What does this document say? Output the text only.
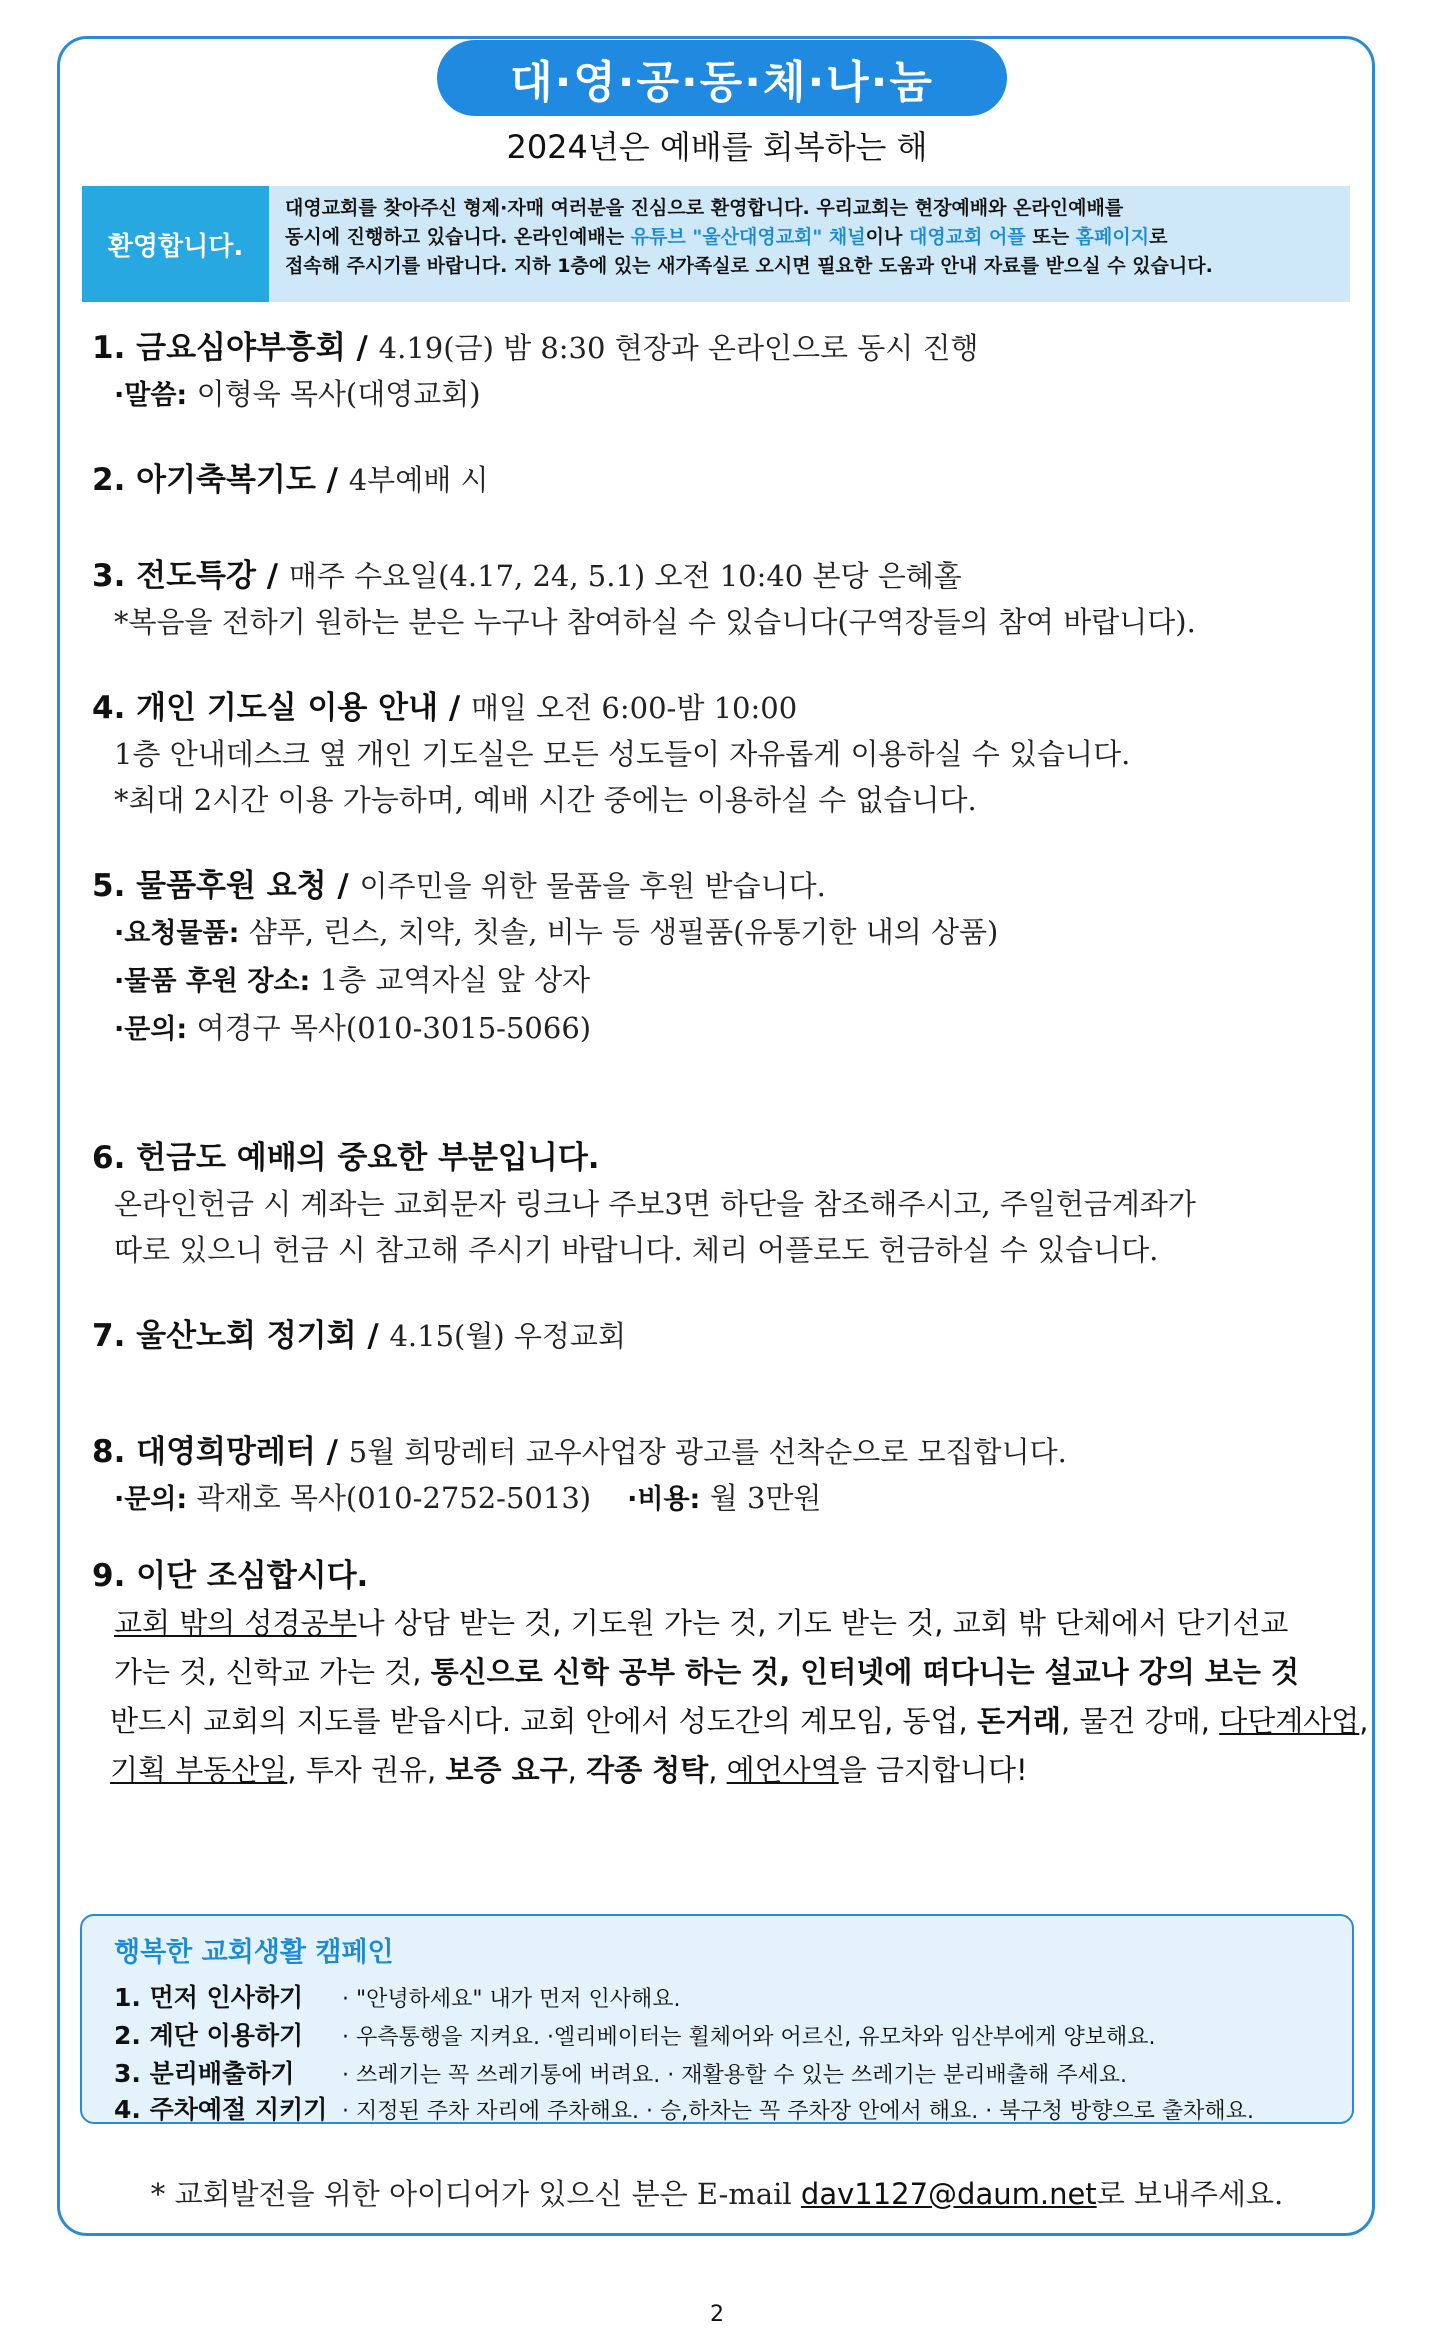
대·영·공·동·체·나·눔
2024년은 예배를 회복하는 해
환영합니다.
대영교회를 찾아주신 형제·자매 여러분을 진심으로 환영합니다. 우리교회는 현장예배와 온라인예배를
동시에 진행하고 있습니다. 온라인예배는 유튜브 "울산대영교회" 채널이나 대영교회 어플 또는 홈페이지로
접속해 주시기를 바랍니다. 지하 1층에 있는 새가족실로 오시면 필요한 도움과 안내 자료를 받으실 수 있습니다.
1. 금요심야부흥회 / 4.19(금) 밤 8:30 현장과 온라인으로 동시 진행
·말씀: 이형욱 목사(대영교회)
2. 아기축복기도 / 4부예배 시
3. 전도특강 / 매주 수요일(4.17, 24, 5.1) 오전 10:40 본당 은혜홀
*복음을 전하기 원하는 분은 누구나 참여하실 수 있습니다(구역장들의 참여 바랍니다).
4. 개인 기도실 이용 안내 / 매일 오전 6:00-밤 10:00
1층 안내데스크 옆 개인 기도실은 모든 성도들이 자유롭게 이용하실 수 있습니다.
*최대 2시간 이용 가능하며, 예배 시간 중에는 이용하실 수 없습니다.
5. 물품후원 요청 / 이주민을 위한 물품을 후원 받습니다.
·요청물품: 샴푸, 린스, 치약, 칫솔, 비누 등 생필품(유통기한 내의 상품)
·물품 후원 장소: 1층 교역자실 앞 상자
·문의: 여경구 목사(010-3015-5066)
6. 헌금도 예배의 중요한 부분입니다.
온라인헌금 시 계좌는 교회문자 링크나 주보3면 하단을 참조해주시고, 주일헌금계좌가
따로 있으니 헌금 시 참고해 주시기 바랍니다. 체리 어플로도 헌금하실 수 있습니다.
7. 울산노회 정기회 / 4.15(월) 우정교회
8. 대영희망레터 / 5월 희망레터 교우사업장 광고를 선착순으로 모집합니다.
·문의: 곽재호 목사(010-2752-5013) ·비용: 월 3만원
9. 이단 조심합시다.
교회 밖의 성경공부나 상담 받는 것, 기도원 가는 것, 기도 받는 것, 교회 밖 단체에서 단기선교
가는 것, 신학교 가는 것, 통신으로 신학 공부 하는 것, 인터넷에 떠다니는 설교나 강의 보는 것
반드시 교회의 지도를 받읍시다. 교회 안에서 성도간의 계모임, 동업, 돈거래, 물건 강매, 다단계사업,
기획 부동산일, 투자 권유, 보증 요구, 각종 청탁, 예언사역을 금지합니다!
행복한 교회생활 캠페인
1. 먼저 인사하기 · "안녕하세요" 내가 먼저 인사해요.
2. 계단 이용하기 · 우측통행을 지켜요. ·엘리베이터는 휠체어와 어르신, 유모차와 임산부에게 양보해요.
3. 분리배출하기 · 쓰레기는 꼭 쓰레기통에 버려요. · 재활용할 수 있는 쓰레기는 분리배출해 주세요.
4. 주차예절 지키기 · 지정된 주차 자리에 주차해요. · 승,하차는 꼭 주차장 안에서 해요. · 북구청 방향으로 출차해요.
* 교회발전을 위한 아이디어가 있으신 분은 E-mail dav1127@daum.net로 보내주세요.
2
